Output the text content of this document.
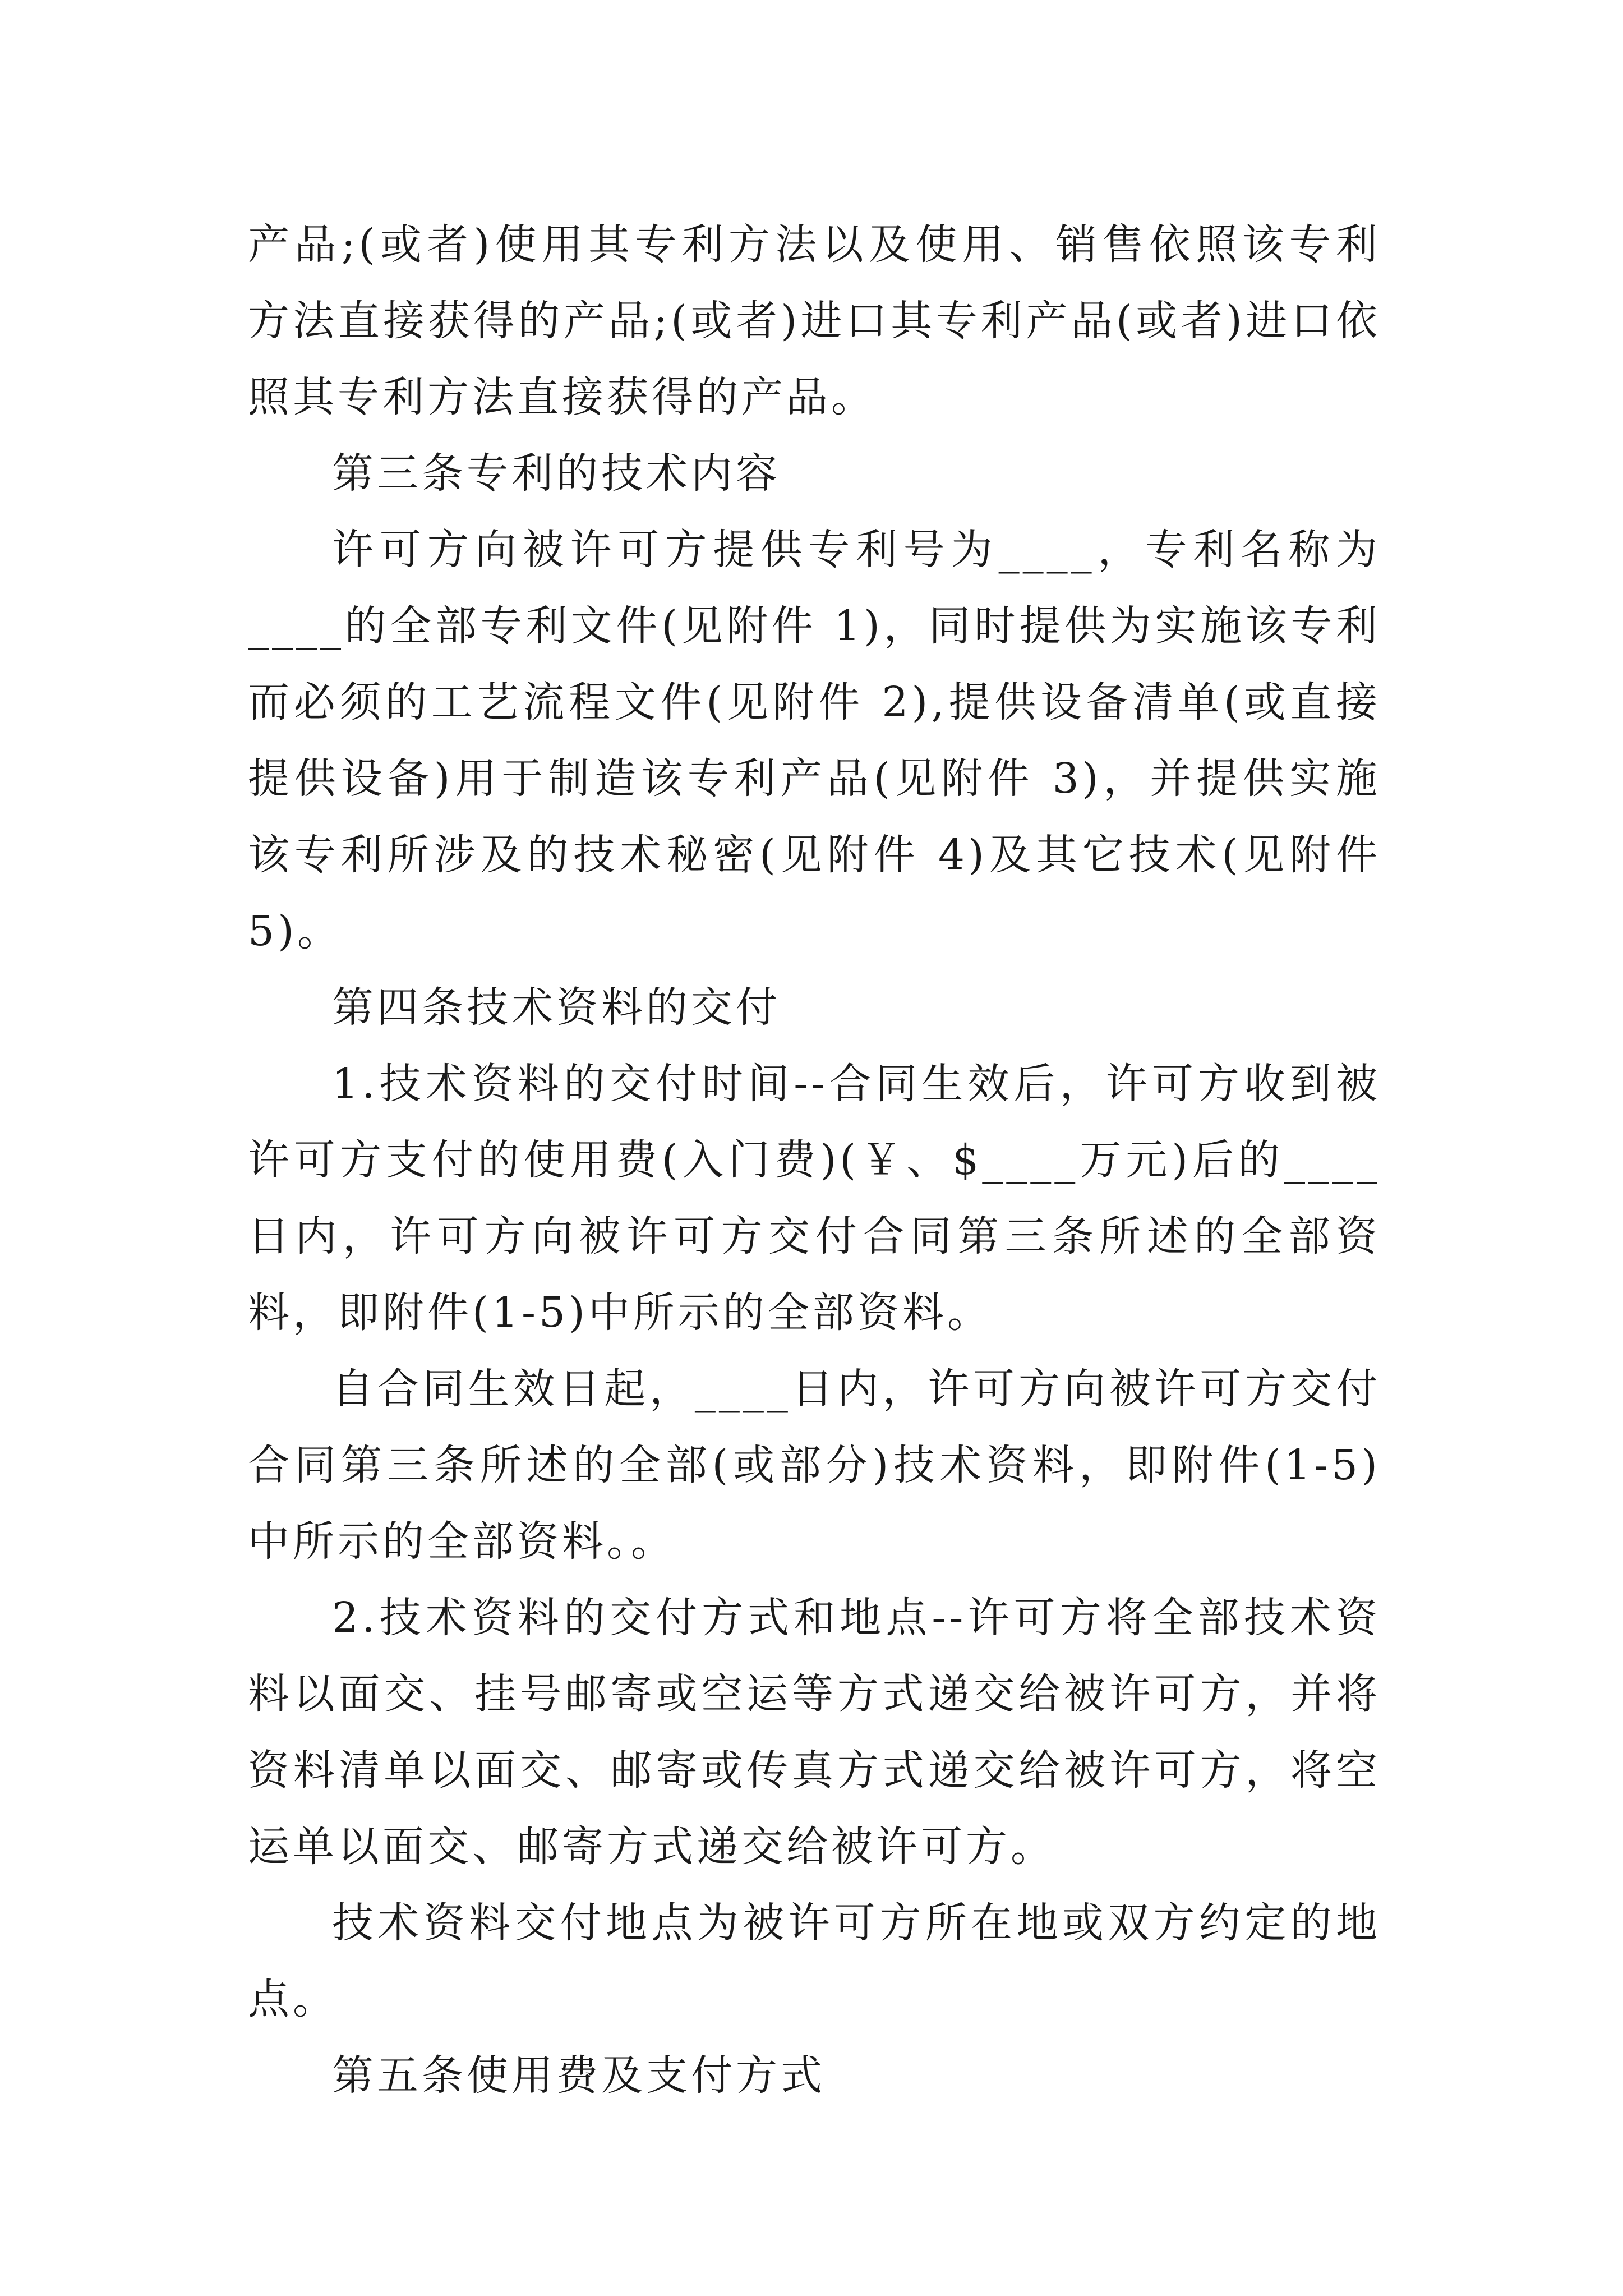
产品;(或者)使用其专利方法以及使用、销售依照该专利方法直接获得的产品;(或者)进口其专利产品(或者)进口依照其专利方法直接获得的产品。

第三条专利的技术内容

许可方向被许可方提供专利号为____，专利名称为____的全部专利文件(见附件 1)，同时提供为实施该专利而必须的工艺流程文件(见附件 2),提供设备清单(或直接提供设备)用于制造该专利产品(见附件 3)，并提供实施该专利所涉及的技术秘密(见附件 4)及其它技术(见附件 5)。

第四条技术资料的交付

1.技术资料的交付时间--合同生效后，许可方收到被许可方支付的使用费(入门费)(￥、$____万元)后的____日内，许可方向被许可方交付合同第三条所述的全部资料，即附件(1-5)中所示的全部资料。

自合同生效日起，____日内，许可方向被许可方交付合同第三条所述的全部(或部分)技术资料，即附件(1-5)中所示的全部资料。。

2.技术资料的交付方式和地点--许可方将全部技术资料以面交、挂号邮寄或空运等方式递交给被许可方，并将资料清单以面交、邮寄或传真方式递交给被许可方，将空运单以面交、邮寄方式递交给被许可方。

技术资料交付地点为被许可方所在地或双方约定的地点。

第五条使用费及支付方式
